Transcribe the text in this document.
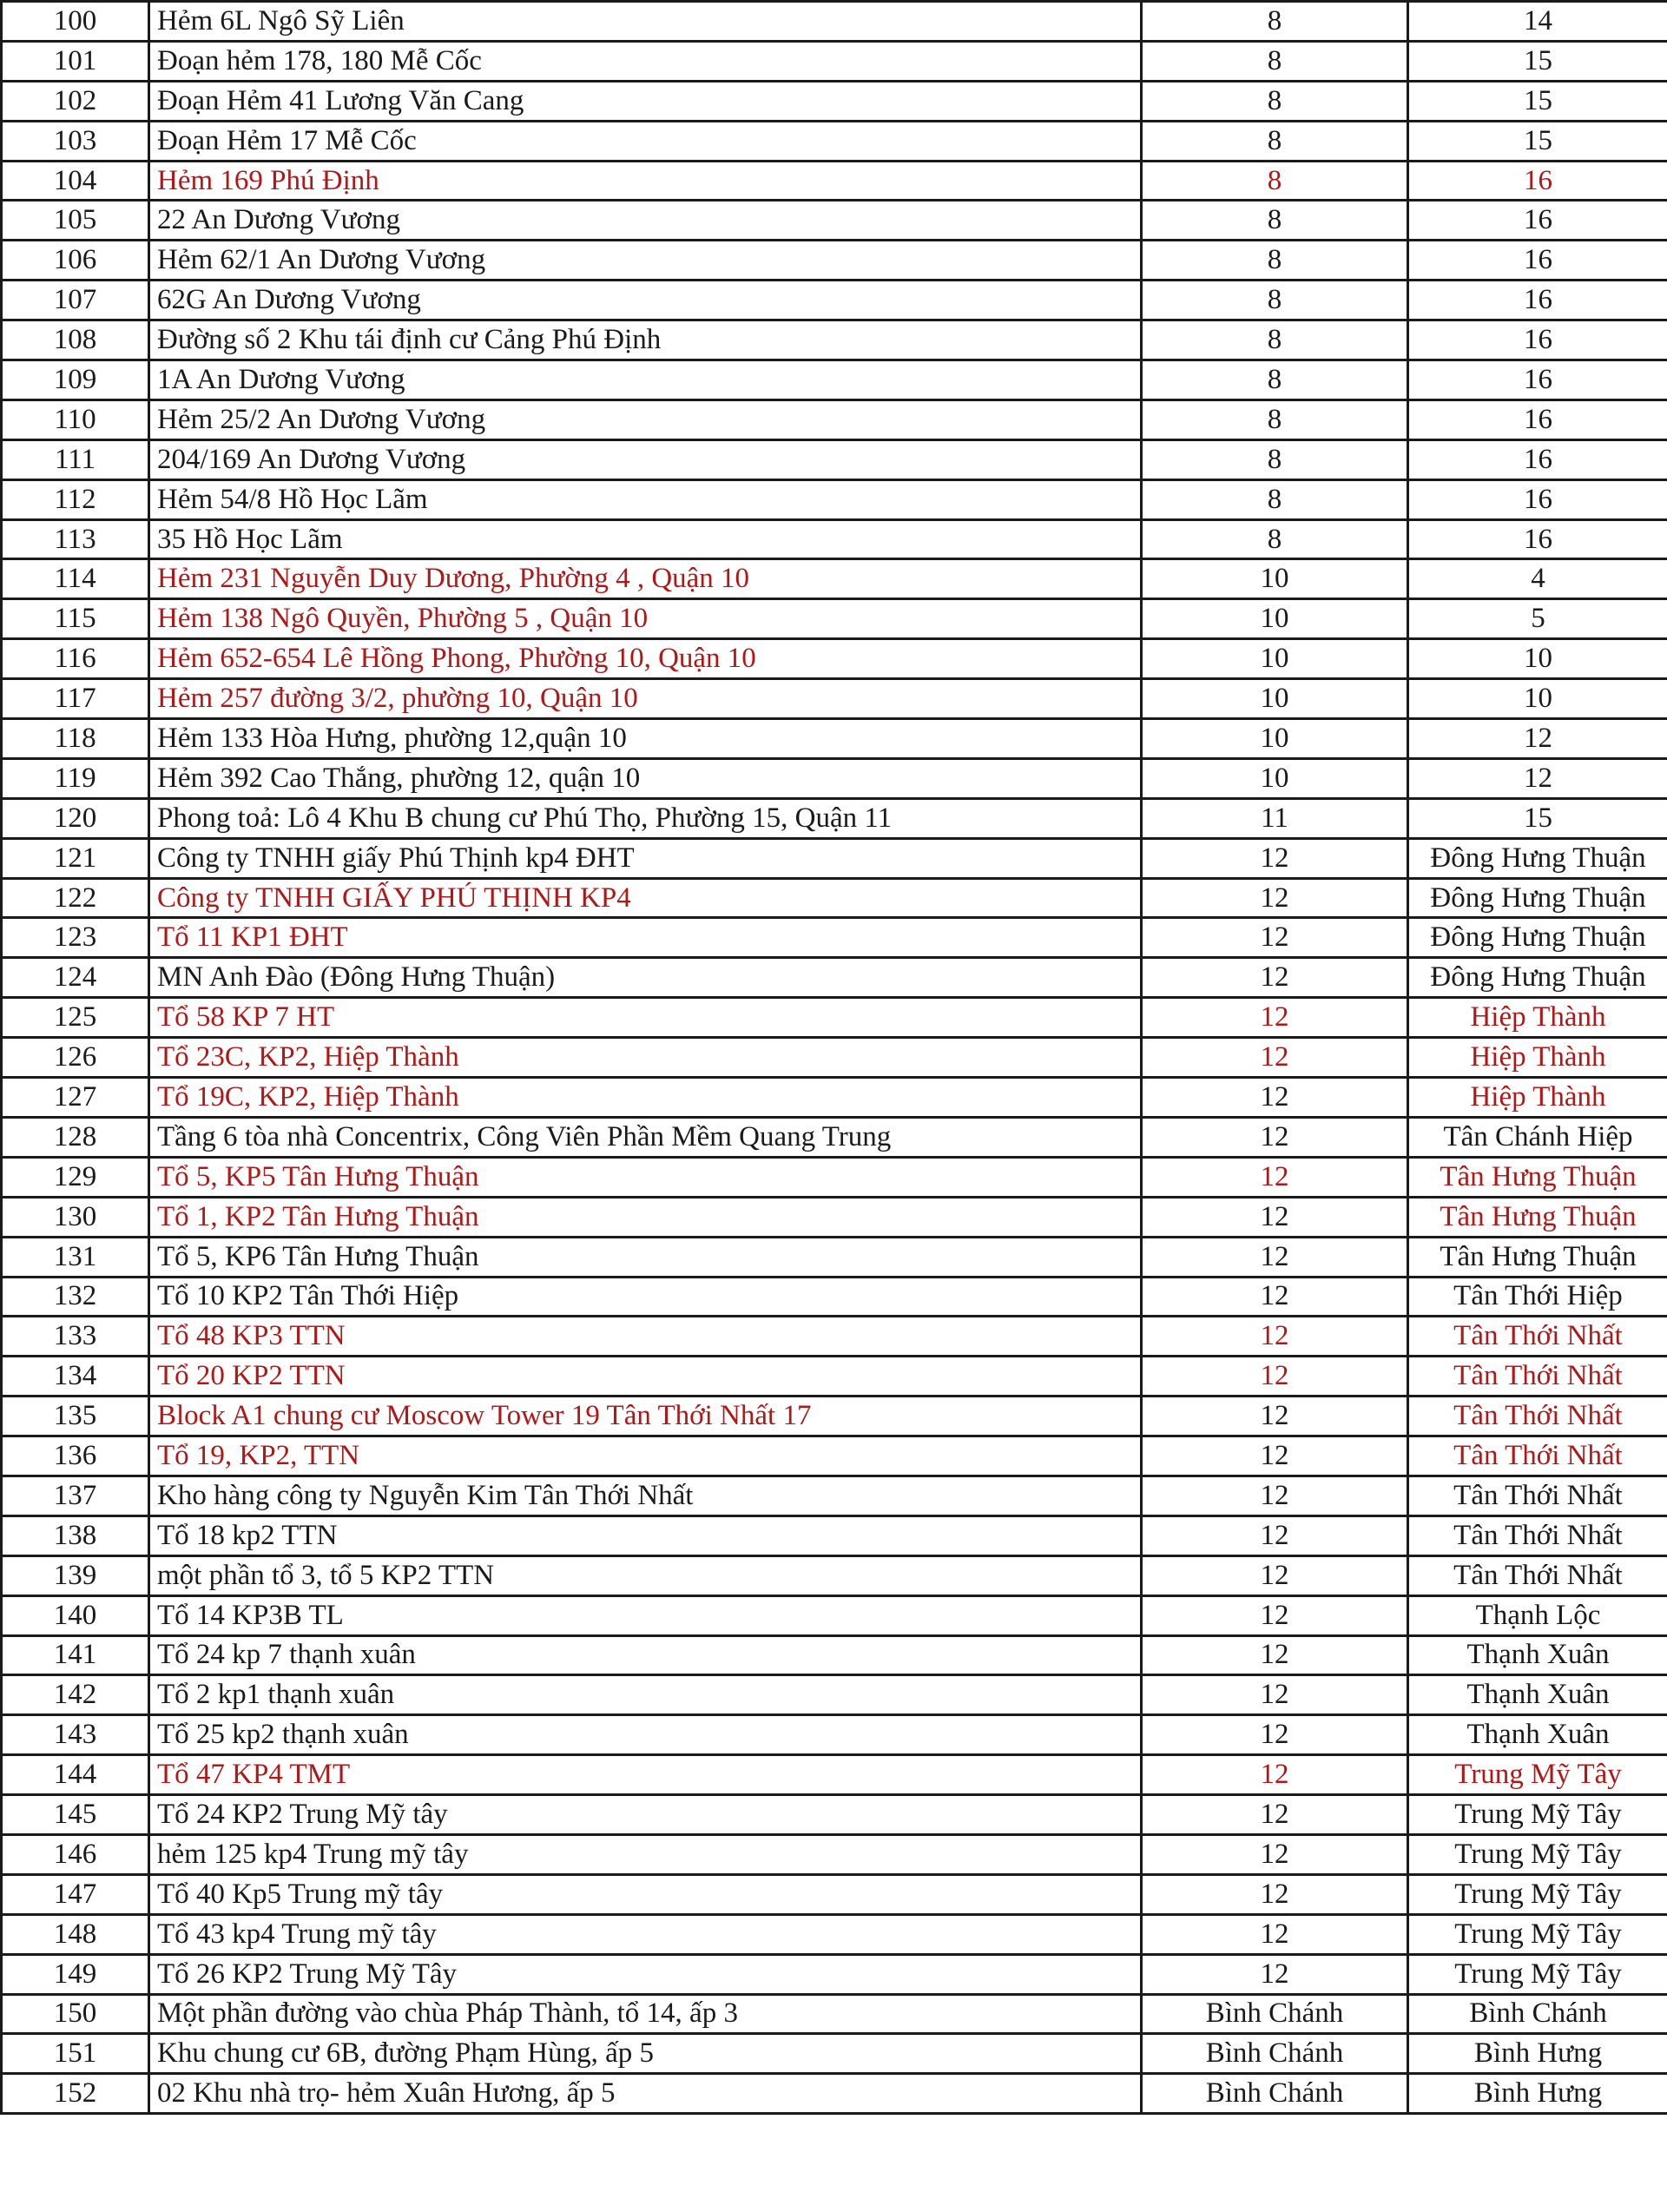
100	Hẻm 6L Ngô Sỹ Liên	8	14
101	Đoạn hẻm 178, 180 Mễ Cốc	8	15
102	Đoạn Hẻm 41 Lương Văn Cang	8	15
103	Đoạn Hẻm 17 Mễ Cốc	8	15
104	Hẻm 169 Phú Định	8	16
105	22 An Dương Vương	8	16
106	Hẻm 62/1 An Dương Vương	8	16
107	62G An Dương Vương	8	16
108	Đường số 2 Khu tái định cư Cảng Phú Định	8	16
109	1A An Dương Vương	8	16
110	Hẻm 25/2 An Dương Vương	8	16
111	204/169 An Dương Vương	8	16
112	Hẻm 54/8 Hồ Học Lãm	8	16
113	35 Hồ Học Lãm	8	16
114	Hẻm 231 Nguyễn Duy Dương, Phường 4 , Quận 10	10	4
115	Hẻm 138 Ngô Quyền, Phường 5 , Quận 10	10	5
116	Hẻm 652-654 Lê Hồng Phong, Phường 10, Quận 10	10	10
117	Hẻm 257 đường 3/2, phường 10, Quận 10	10	10
118	Hẻm 133 Hòa Hưng, phường 12,quận 10	10	12
119	Hẻm 392 Cao Thắng, phường 12, quận 10	10	12
120	Phong toả: Lô 4 Khu B chung cư Phú Thọ, Phường 15, Quận 11	11	15
121	Công ty TNHH giấy Phú Thịnh kp4 ĐHT	12	Đông Hưng Thuận
122	Công ty TNHH GIẤY PHÚ THỊNH KP4	12	Đông Hưng Thuận
123	Tổ 11 KP1 ĐHT	12	Đông Hưng Thuận
124	MN Anh Đào (Đông Hưng Thuận)	12	Đông Hưng Thuận
125	Tổ 58 KP 7 HT	12	Hiệp Thành
126	Tổ 23C, KP2, Hiệp Thành	12	Hiệp Thành
127	Tổ 19C, KP2, Hiệp Thành	12	Hiệp Thành
128	Tầng 6 tòa nhà Concentrix, Công Viên Phần Mềm Quang Trung	12	Tân Chánh Hiệp
129	Tổ 5, KP5 Tân Hưng Thuận	12	Tân Hưng Thuận
130	Tổ 1, KP2 Tân Hưng Thuận	12	Tân Hưng Thuận
131	Tổ 5, KP6 Tân Hưng Thuận	12	Tân Hưng Thuận
132	Tổ 10 KP2 Tân Thới Hiệp	12	Tân Thới Hiệp
133	Tổ 48 KP3 TTN	12	Tân Thới Nhất
134	Tổ 20 KP2 TTN	12	Tân Thới Nhất
135	Block A1 chung cư Moscow Tower 19 Tân Thới Nhất 17	12	Tân Thới Nhất
136	Tổ 19, KP2, TTN	12	Tân Thới Nhất
137	Kho hàng công ty Nguyễn Kim Tân Thới Nhất	12	Tân Thới Nhất
138	Tổ 18 kp2 TTN	12	Tân Thới Nhất
139	một phần tổ 3, tổ 5 KP2 TTN	12	Tân Thới Nhất
140	Tổ 14 KP3B TL	12	Thạnh Lộc
141	Tổ 24 kp 7 thạnh xuân	12	Thạnh Xuân
142	Tổ 2 kp1 thạnh xuân	12	Thạnh Xuân
143	Tổ 25 kp2 thạnh xuân	12	Thạnh Xuân
144	Tổ 47 KP4 TMT	12	Trung Mỹ Tây
145	Tổ 24 KP2 Trung Mỹ tây	12	Trung Mỹ Tây
146	hẻm 125 kp4 Trung mỹ tây	12	Trung Mỹ Tây
147	Tổ 40 Kp5 Trung mỹ tây	12	Trung Mỹ Tây
148	Tổ 43 kp4 Trung mỹ tây	12	Trung Mỹ Tây
149	Tổ 26 KP2 Trung Mỹ Tây	12	Trung Mỹ Tây
150	Một phần đường vào chùa Pháp Thành, tổ 14, ấp 3	Bình Chánh	Bình Chánh
151	Khu chung cư 6B, đường Phạm Hùng, ấp 5	Bình Chánh	Bình Hưng
152	02 Khu nhà trọ- hẻm Xuân Hương, ấp 5	Bình Chánh	Bình Hưng
